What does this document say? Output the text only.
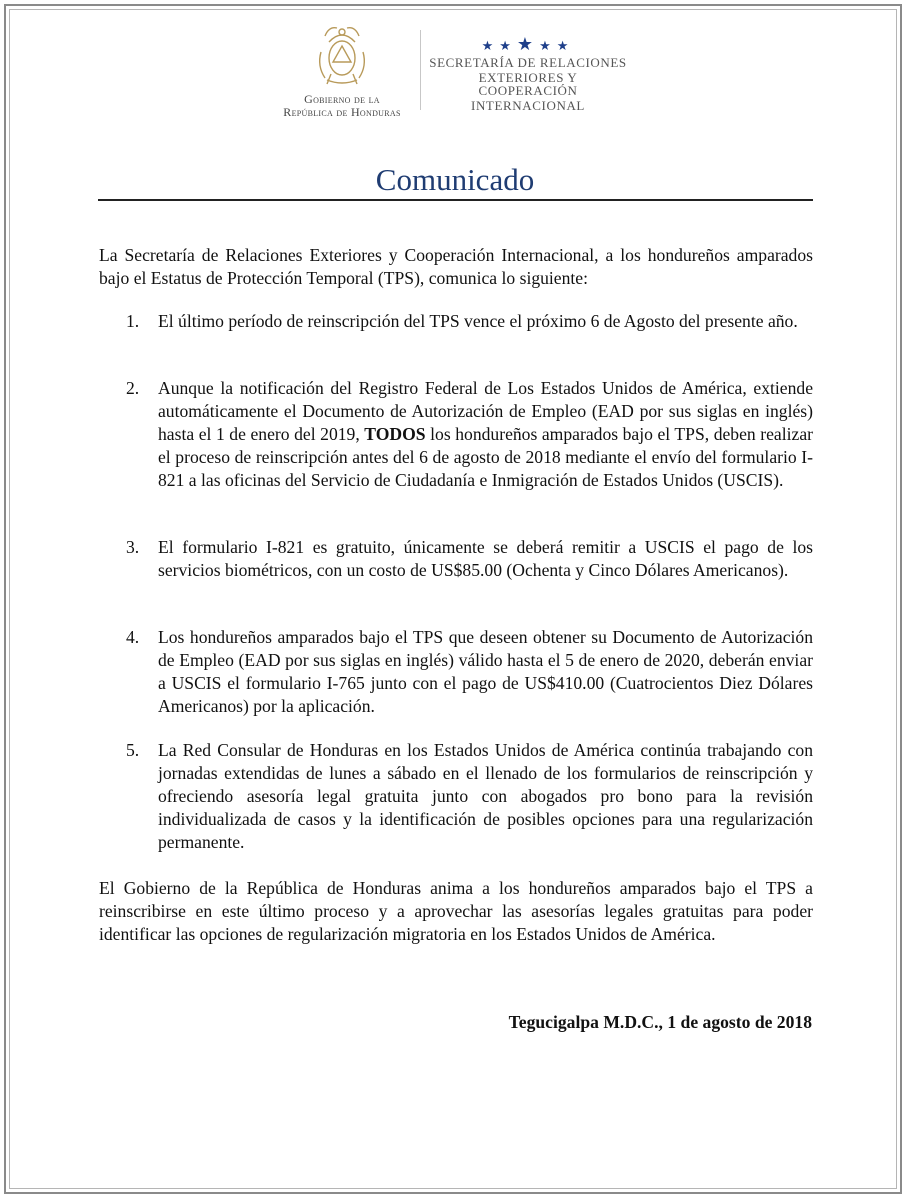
Gobierno de la
República de Honduras
★★★★★
SECRETARÍA DE RELACIONES
EXTERIORES Y COOPERACIÓN
INTERNACIONAL
Comunicado
La Secretaría de Relaciones Exteriores y Cooperación Internacional, a los hondureños amparados bajo el Estatus de Protección Temporal (TPS), comunica lo siguiente:
1.	El último período de reinscripción del TPS vence el próximo 6 de Agosto del presente año.
2.	Aunque la notificación del Registro Federal de Los Estados Unidos de América, extiende automáticamente el Documento de Autorización de Empleo (EAD por sus siglas en inglés) hasta el 1 de enero del 2019, TODOS los hondureños amparados bajo el TPS, deben realizar el proceso de reinscripción antes del 6 de agosto de 2018 mediante el envío del formulario I-821 a las oficinas del Servicio de Ciudadanía e Inmigración de Estados Unidos (USCIS).
3.	El formulario I-821 es gratuito, únicamente se deberá remitir a USCIS el pago de los servicios biométricos, con un costo de US$85.00 (Ochenta y Cinco Dólares Americanos).
4.	Los hondureños amparados bajo el TPS que deseen obtener su Documento de Autorización de Empleo (EAD por sus siglas en inglés) válido hasta el 5 de enero de 2020, deberán enviar a USCIS el formulario I-765 junto con el pago de US$410.00 (Cuatrocientos Diez Dólares Americanos) por la aplicación.
5.	La Red Consular de Honduras en los Estados Unidos de América continúa trabajando con jornadas extendidas de lunes a sábado en el llenado de los formularios de reinscripción y ofreciendo asesoría legal gratuita junto con abogados pro bono para la revisión individualizada de casos y la identificación de posibles opciones para una regularización permanente.
El Gobierno de la República de Honduras anima a los hondureños amparados bajo el TPS a reinscribirse en este último proceso y a aprovechar las asesorías legales gratuitas para poder identificar las opciones de regularización migratoria en los Estados Unidos de América.
Tegucigalpa M.D.C., 1 de agosto de 2018
